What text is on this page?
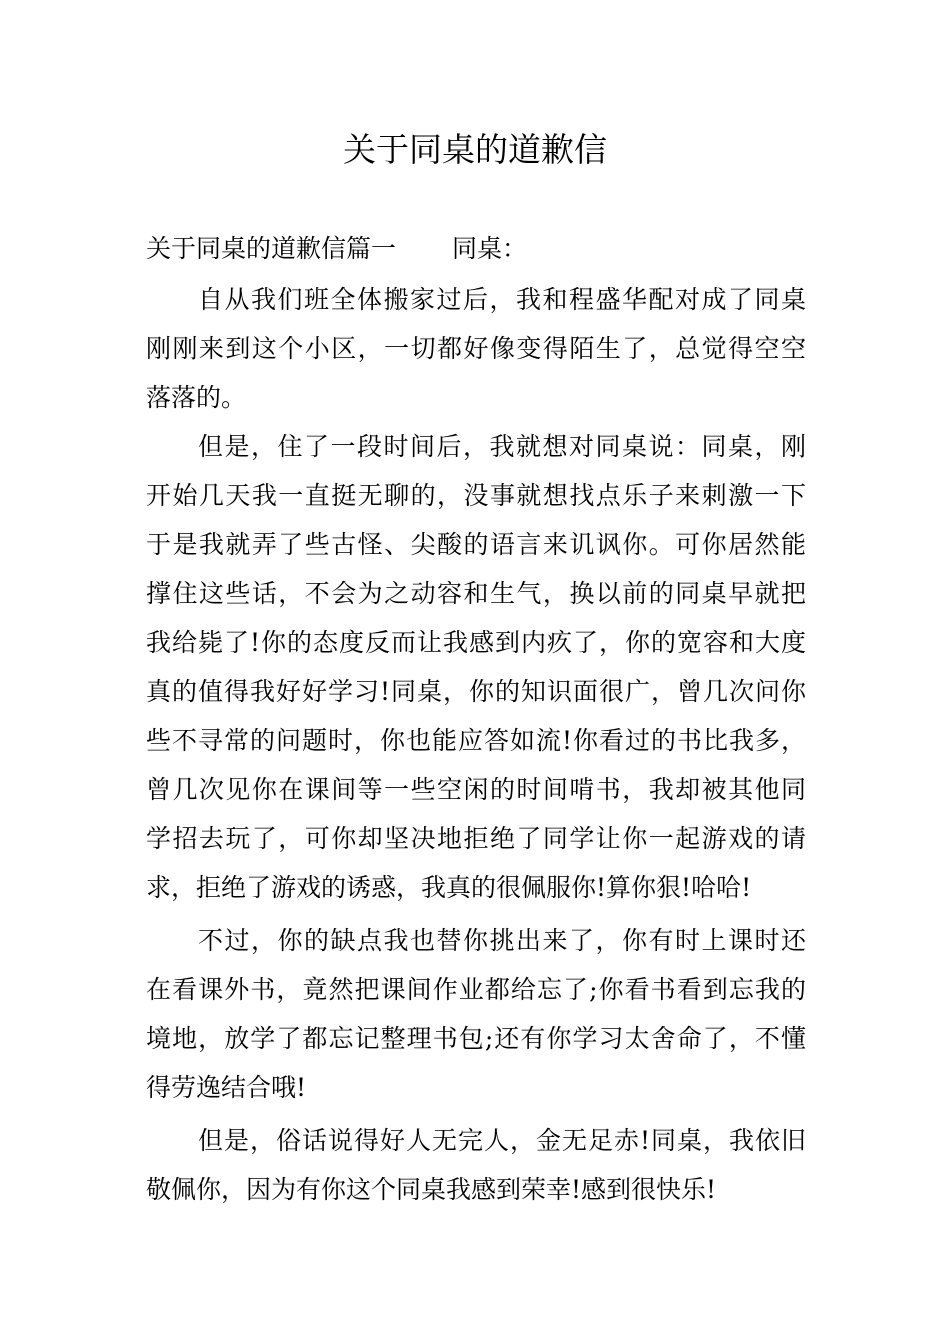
关于同桌的道歉信
关于同桌的道歉信篇一 同桌：
自从我们班全体搬家过后，我和程盛华配对成了同桌
刚刚来到这个小区，一切都好像变得陌生了，总觉得空空
落落的。
但是，住了一段时间后，我就想对同桌说：同桌，刚
开始几天我一直挺无聊的，没事就想找点乐子来刺激一下
于是我就弄了些古怪、尖酸的语言来讥讽你。可你居然能
撑住这些话，不会为之动容和生气，换以前的同桌早就把
我给毙了!你的态度反而让我感到内疚了，你的宽容和大度
真的值得我好好学习!同桌，你的知识面很广，曾几次问你
些不寻常的问题时，你也能应答如流!你看过的书比我多，
曾几次见你在课间等一些空闲的时间啃书，我却被其他同
学招去玩了，可你却坚决地拒绝了同学让你一起游戏的请
求，拒绝了游戏的诱惑，我真的很佩服你!算你狠!哈哈!
不过，你的缺点我也替你挑出来了，你有时上课时还
在看课外书，竟然把课间作业都给忘了;你看书看到忘我的
境地，放学了都忘记整理书包;还有你学习太舍命了，不懂
得劳逸结合哦!
但是，俗话说得好人无完人，金无足赤!同桌，我依旧
敬佩你，因为有你这个同桌我感到荣幸!感到很快乐!
